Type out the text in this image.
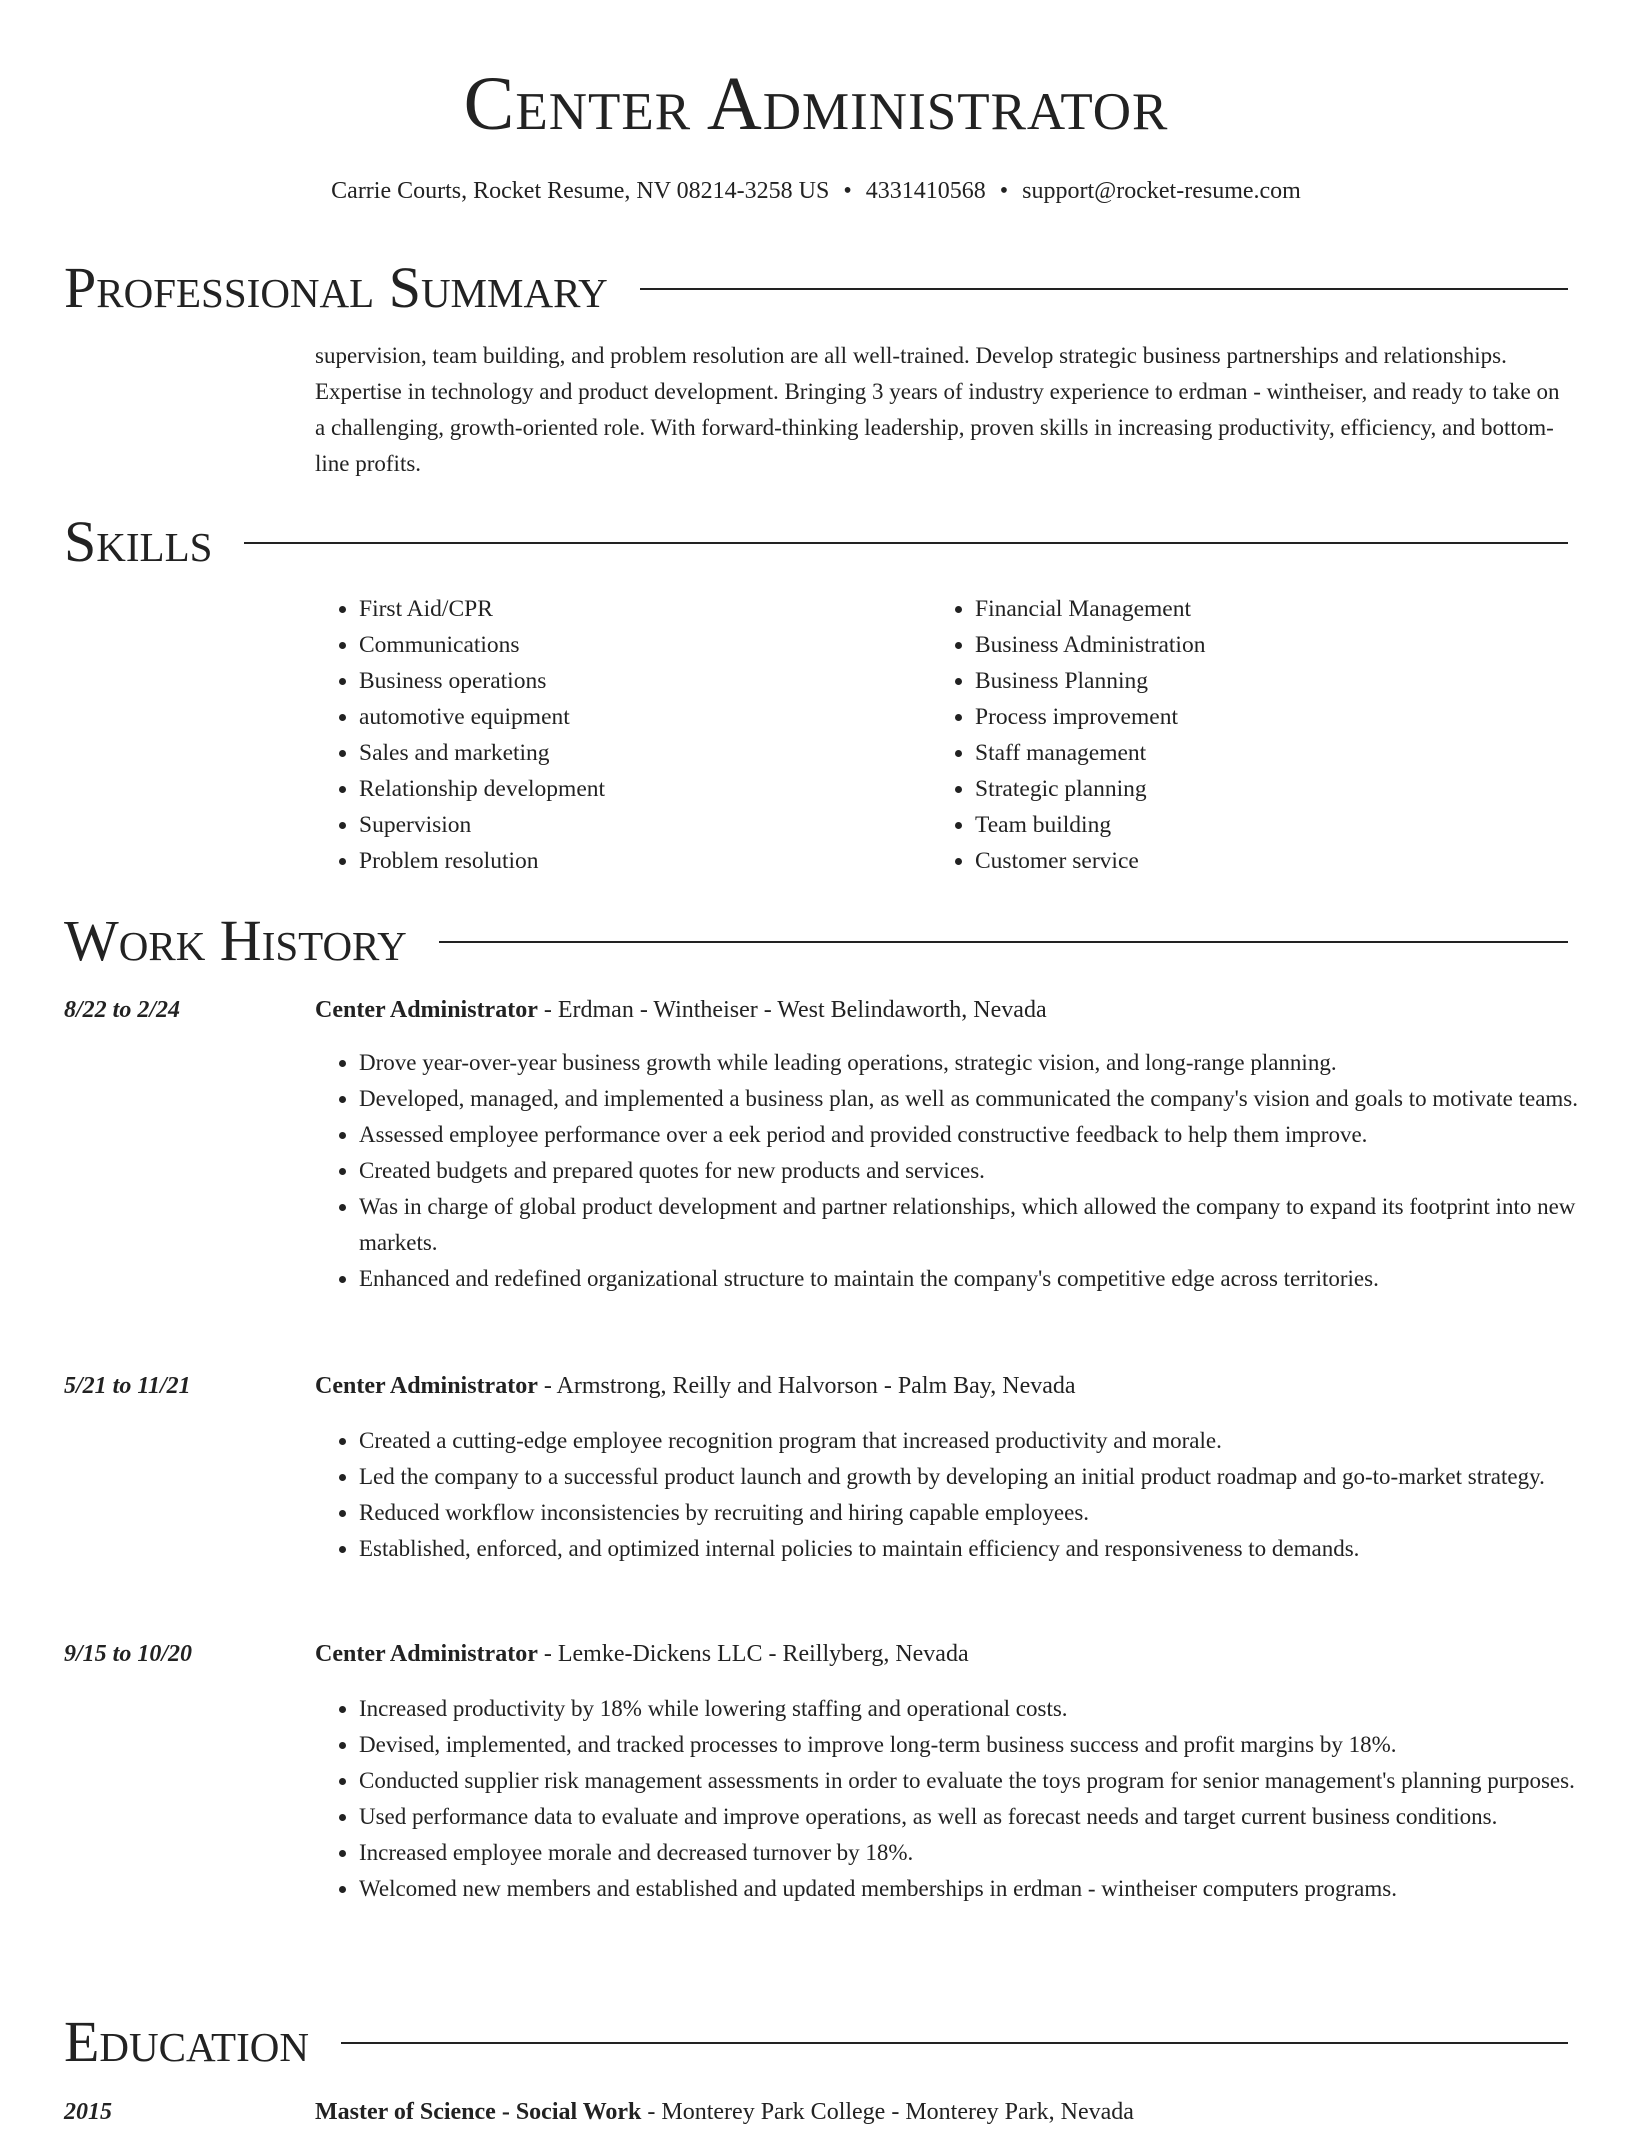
Center Administrator
Carrie Courts, Rocket Resume, NV 08214-3258 US • 4331410568 • support@rocket-resume.com
Professional Summary
supervision, team building, and problem resolution are all well-trained. Develop strategic business partnerships and relationships. Expertise in technology and product development. Bringing 3 years of industry experience to erdman - wintheiser, and ready to take on a challenging, growth-oriented role. With forward-thinking leadership, proven skills in increasing productivity, efficiency, and bottom-line profits.
Skills
• First Aid/CPR
• Communications
• Business operations
• automotive equipment
• Sales and marketing
• Relationship development
• Supervision
• Problem resolution
• Financial Management
• Business Administration
• Business Planning
• Process improvement
• Staff management
• Strategic planning
• Team building
• Customer service
Work History
8/22 to 2/24	Center Administrator - Erdman - Wintheiser - West Belindaworth, Nevada
• Drove year-over-year business growth while leading operations, strategic vision, and long-range planning.
• Developed, managed, and implemented a business plan, as well as communicated the company's vision and goals to motivate teams.
• Assessed employee performance over a eek period and provided constructive feedback to help them improve.
• Created budgets and prepared quotes for new products and services.
• Was in charge of global product development and partner relationships, which allowed the company to expand its footprint into new markets.
• Enhanced and redefined organizational structure to maintain the company's competitive edge across territories.
5/21 to 11/21	Center Administrator - Armstrong, Reilly and Halvorson - Palm Bay, Nevada
• Created a cutting-edge employee recognition program that increased productivity and morale.
• Led the company to a successful product launch and growth by developing an initial product roadmap and go-to-market strategy.
• Reduced workflow inconsistencies by recruiting and hiring capable employees.
• Established, enforced, and optimized internal policies to maintain efficiency and responsiveness to demands.
9/15 to 10/20	Center Administrator - Lemke-Dickens LLC - Reillyberg, Nevada
• Increased productivity by 18% while lowering staffing and operational costs.
• Devised, implemented, and tracked processes to improve long-term business success and profit margins by 18%.
• Conducted supplier risk management assessments in order to evaluate the toys program for senior management's planning purposes.
• Used performance data to evaluate and improve operations, as well as forecast needs and target current business conditions.
• Increased employee morale and decreased turnover by 18%.
• Welcomed new members and established and updated memberships in erdman - wintheiser computers programs.
Education
2015	Master of Science - Social Work - Monterey Park College - Monterey Park, Nevada
